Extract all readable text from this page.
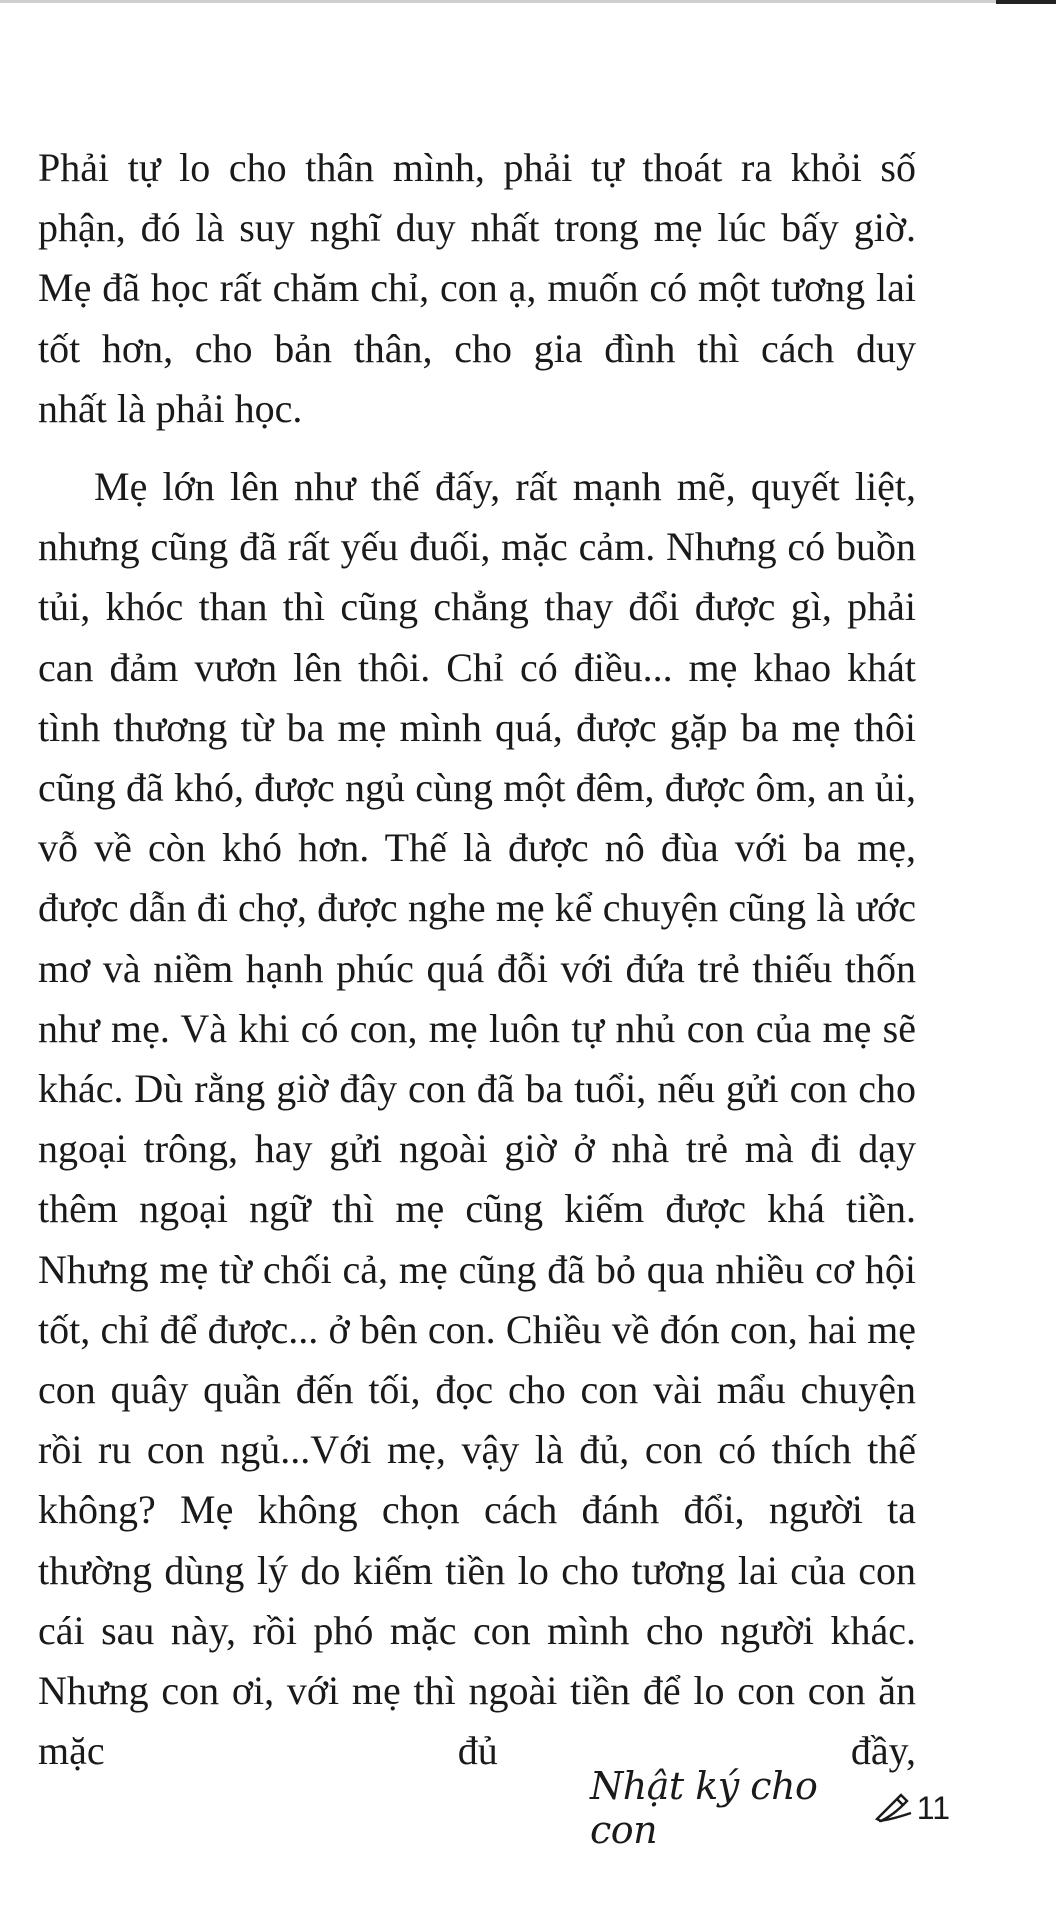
Phải tự lo cho thân mình, phải tự thoát ra khỏi số phận, đó là suy nghĩ duy nhất trong mẹ lúc bấy giờ. Mẹ đã học rất chăm chỉ, con ạ, muốn có một tương lai tốt hơn, cho bản thân, cho gia đình thì cách duy
nhất là phải học.

Mẹ lớn lên như thế đấy, rất mạnh mẽ, quyết liệt, nhưng cũng đã rất yếu đuối, mặc cảm. Nhưng có buồn tủi, khóc than thì cũng chẳng thay đổi được gì, phải can đảm vươn lên thôi. Chỉ có điều... mẹ khao khát tình thương từ ba mẹ mình quá, được gặp ba mẹ thôi cũng đã khó, được ngủ cùng một đêm, được ôm, an ủi, vỗ về còn khó hơn. Thế là được nô đùa với ba mẹ, được dẫn đi chợ, được nghe mẹ kể chuyện cũng là ước mơ và niềm hạnh phúc quá đỗi với đứa trẻ thiếu thốn như mẹ. Và khi có con, mẹ luôn tự nhủ con của mẹ sẽ khác. Dù rằng giờ đây con đã ba tuổi, nếu gửi con cho ngoại trông, hay gửi ngoài giờ ở nhà trẻ mà đi dạy thêm ngoại ngữ thì mẹ cũng kiếm được khá tiền. Nhưng mẹ từ chối cả, mẹ cũng đã bỏ qua nhiều cơ hội tốt, chỉ để được... ở bên con. Chiều về đón con, hai mẹ con quây quần đến tối, đọc cho con vài mẩu chuyện rồi ru con ngủ...Với mẹ, vậy là đủ, con có thích thế không? Mẹ không chọn cách đánh đổi, người ta thường dùng lý do kiếm tiền lo cho tương lai của con cái sau này, rồi phó mặc con mình cho người khác. Nhưng con ơi, với mẹ thì ngoài tiền để lo con con ăn mặc đủ đầy,

Nhật ký cho con
11
